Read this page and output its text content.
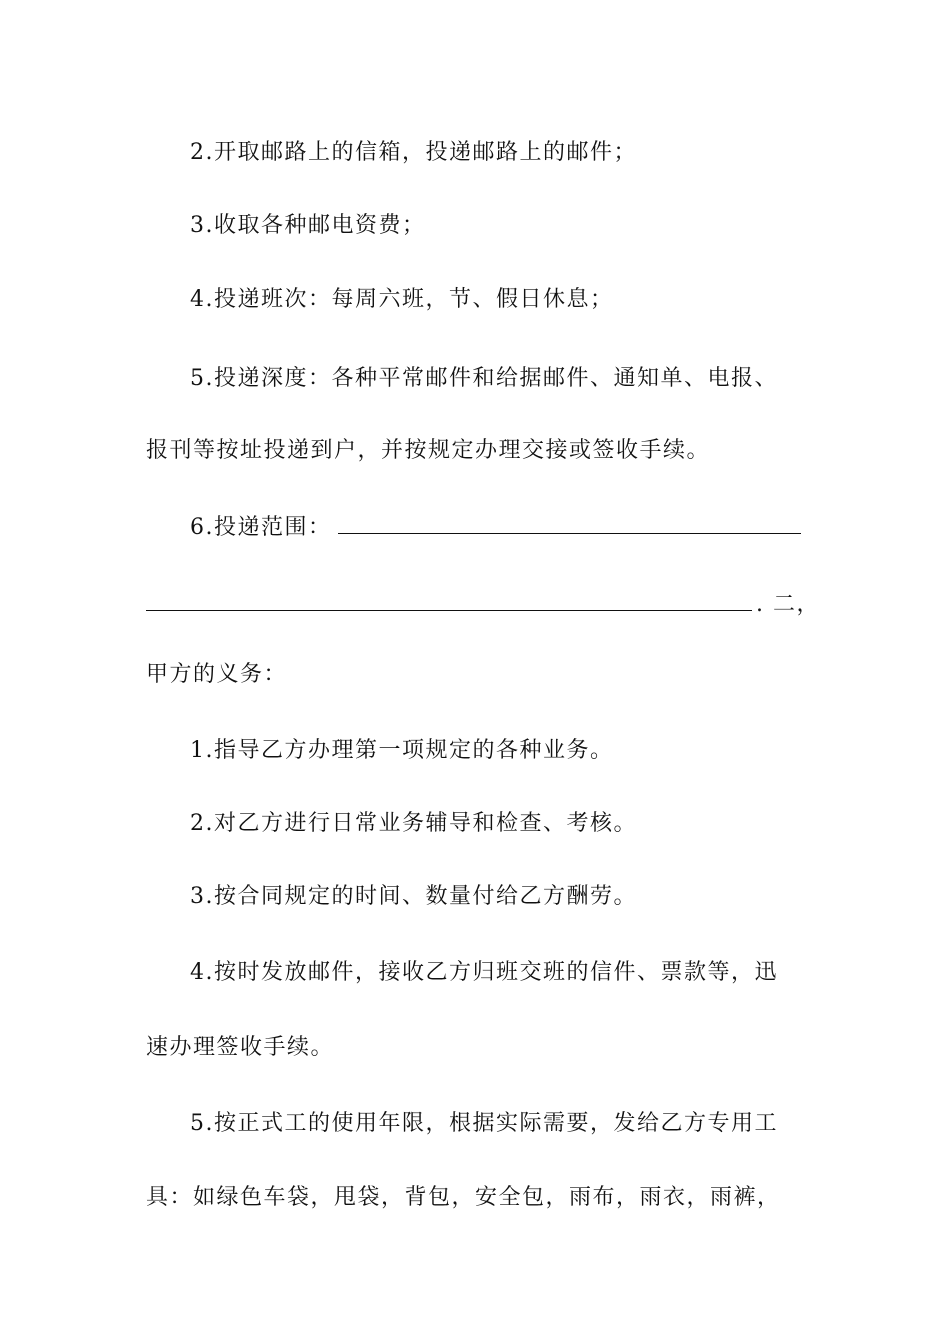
2.开取邮路上的信箱，投递邮路上的邮件；
3.收取各种邮电资费；
4.投递班次：每周六班，节、假日休息；
5.投递深度：各种平常邮件和给据邮件、通知单、电报、
报刊等按址投递到户，并按规定办理交接或签收手续。
6.投递范围：
. 二，
甲方的义务：
1.指导乙方办理第一项规定的各种业务。
2.对乙方进行日常业务辅导和检查、考核。
3.按合同规定的时间、数量付给乙方酬劳。
4.按时发放邮件，接收乙方归班交班的信件、票款等，迅
速办理签收手续。
5.按正式工的使用年限，根据实际需要，发给乙方专用工
具：如绿色车袋，甩袋，背包，安全包，雨布，雨衣，雨裤，
